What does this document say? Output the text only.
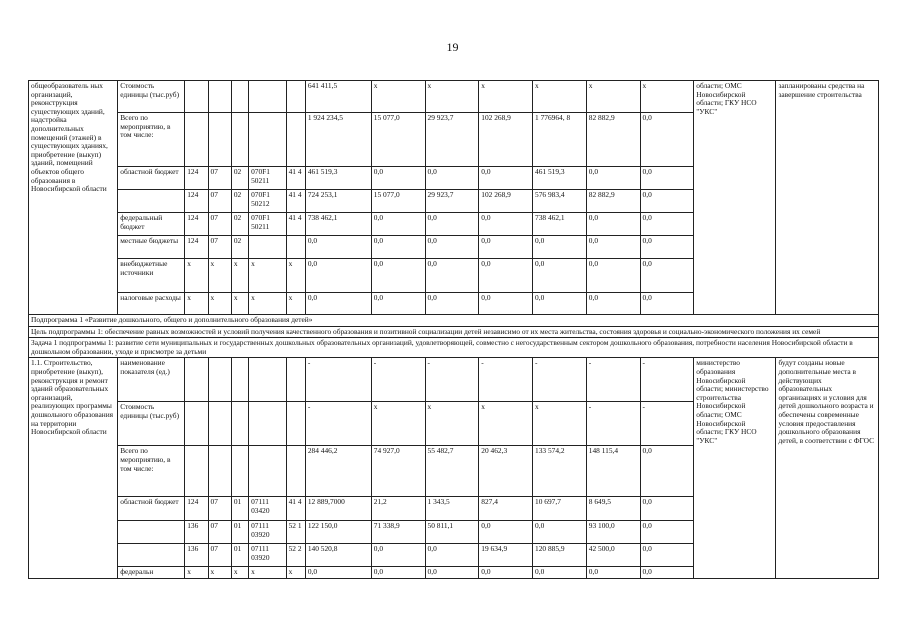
19
общеобразователь ных организаций, реконструкция существующих зданий, надстройка дополнительных помещений (этажей) в существующих зданиях, приобретение (выкуп) зданий, помещений объектов общего образования в Новосибирской области	Стоимость единицы (тыс.руб)						641 411,5	x	x	x	x	x	x	области; ОМС Новосибирской области; ГКУ НСО "УКС"	запланированы средства на завершение строительства
	Всего по мероприятию, в том числе:						1 924 234,5	15 077,0	29 923,7	102 268,9	1 776964, 8	82 882,9	0,0		
	областной бюджет	124	07	02	070F1 50211	41 4	461 519,3	0,0	0,0	0,0	461 519,3	0,0	0,0		
		124	07	02	070F1 50212	41 4	724 253,1	15 077,0	29 923,7	102 268,9	576 983,4	82 882,9	0,0		
	федеральный бюджет	124	07	02	070F1 50211	41 4	738 462,1	0,0	0,0	0,0	738 462,1	0,0	0,0		
	местные бюджеты	124	07	02			0,0	0,0	0,0	0,0	0,0	0,0	0,0		
	внебюджетные источники	x	x	x	x	x	0,0	0,0	0,0	0,0	0,0	0,0	0,0		
	налоговые расходы	x	x	x	x	x	0,0	0,0	0,0	0,0	0,0	0,0	0,0		
Подпрограмма 1 «Развитие дошкольного, общего и дополнительного образования детей»															
Цель подпрограммы 1: обеспечение равных возможностей и условий получения качественного образования и позитивной социализации детей независимо от их места жительства, состояния здоровья и социально-экономического положения их семей															
Задача 1 подпрограммы 1: развитие сети муниципальных и государственных дошкольных образовательных организаций, удовлетворяющей, совместно с негосударственным сектором дошкольного образования, потребности населения Новосибирской области в дошкольном образовании, уходе и присмотре за детьми															
1.1. Строительство, приобретение (выкуп), реконструкция и ремонт зданий образовательных организаций, реализующих программы дошкольного образования на территории Новосибирской области	наименование показателя (ед.)						-	-	-	-	-	-	-	министерство образования Новосибирской области; министерство строительства Новосибирской области; ОМС Новосибирской области; ГКУ НСО "УКС"	будут созданы новые дополнительные места в действующих образовательных организациях и условия для детей дошкольного возраста и обеспечены современные условия предоставления дошкольного образования детей, в соответствии с ФГОС
	Стоимость единицы (тыс.руб)						-	x	x	x	x	-	-		
	Всего по мероприятию, в том числе:						284 446,2	74 927,0	55 482,7	20 462,3	133 574,2	148 115,4	0,0		
	областной бюджет	124	07	01	07111 03420	41 4	12 889,7000	21,2	1 343,5	827,4	10 697,7	8 649,5	0,0		
		136	07	01	07111 03920	52 1	122 150,0	71 338,9	50 811,1	0,0	0,0	93 100,0	0,0		
		136	07	01	07111 03920	52 2	140 520,8	0,0	0,0	19 634,9	120 885,9	42 500,0	0,0		
	федеральн	x	x	x	x	x	0,0	0,0	0,0	0,0	0,0	0,0	0,0		
